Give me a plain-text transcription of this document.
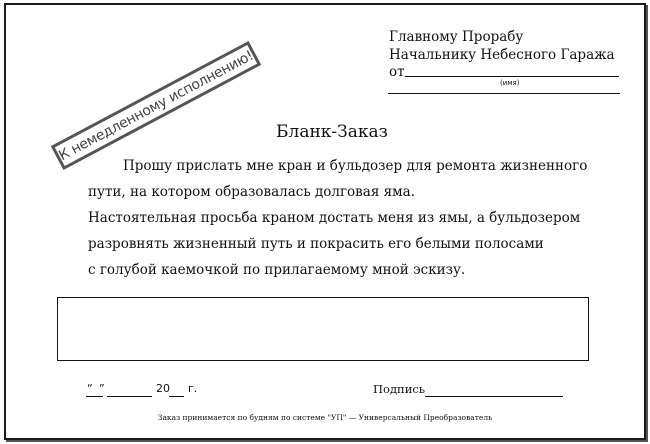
Главному Прорабу
Начальнику Небесного Гаража
от
(имя)
К немедленному исполнению!	Бланк-Заказ
Прошу прислать мне кран и бульдозер для ремонта жизненного
пути, на котором образовалась долговая яма.
Настоятельная просьба краном достать меня из ямы, а бульдозером
разровнять жизненный путь и покрасить его белыми полосами
с голубой каемочкой по прилагаемому мной эскизу.
“ ”	20 г.	Подпись
Заказ принимается по будням по системе "УП" — Универсальный Преобразователь
